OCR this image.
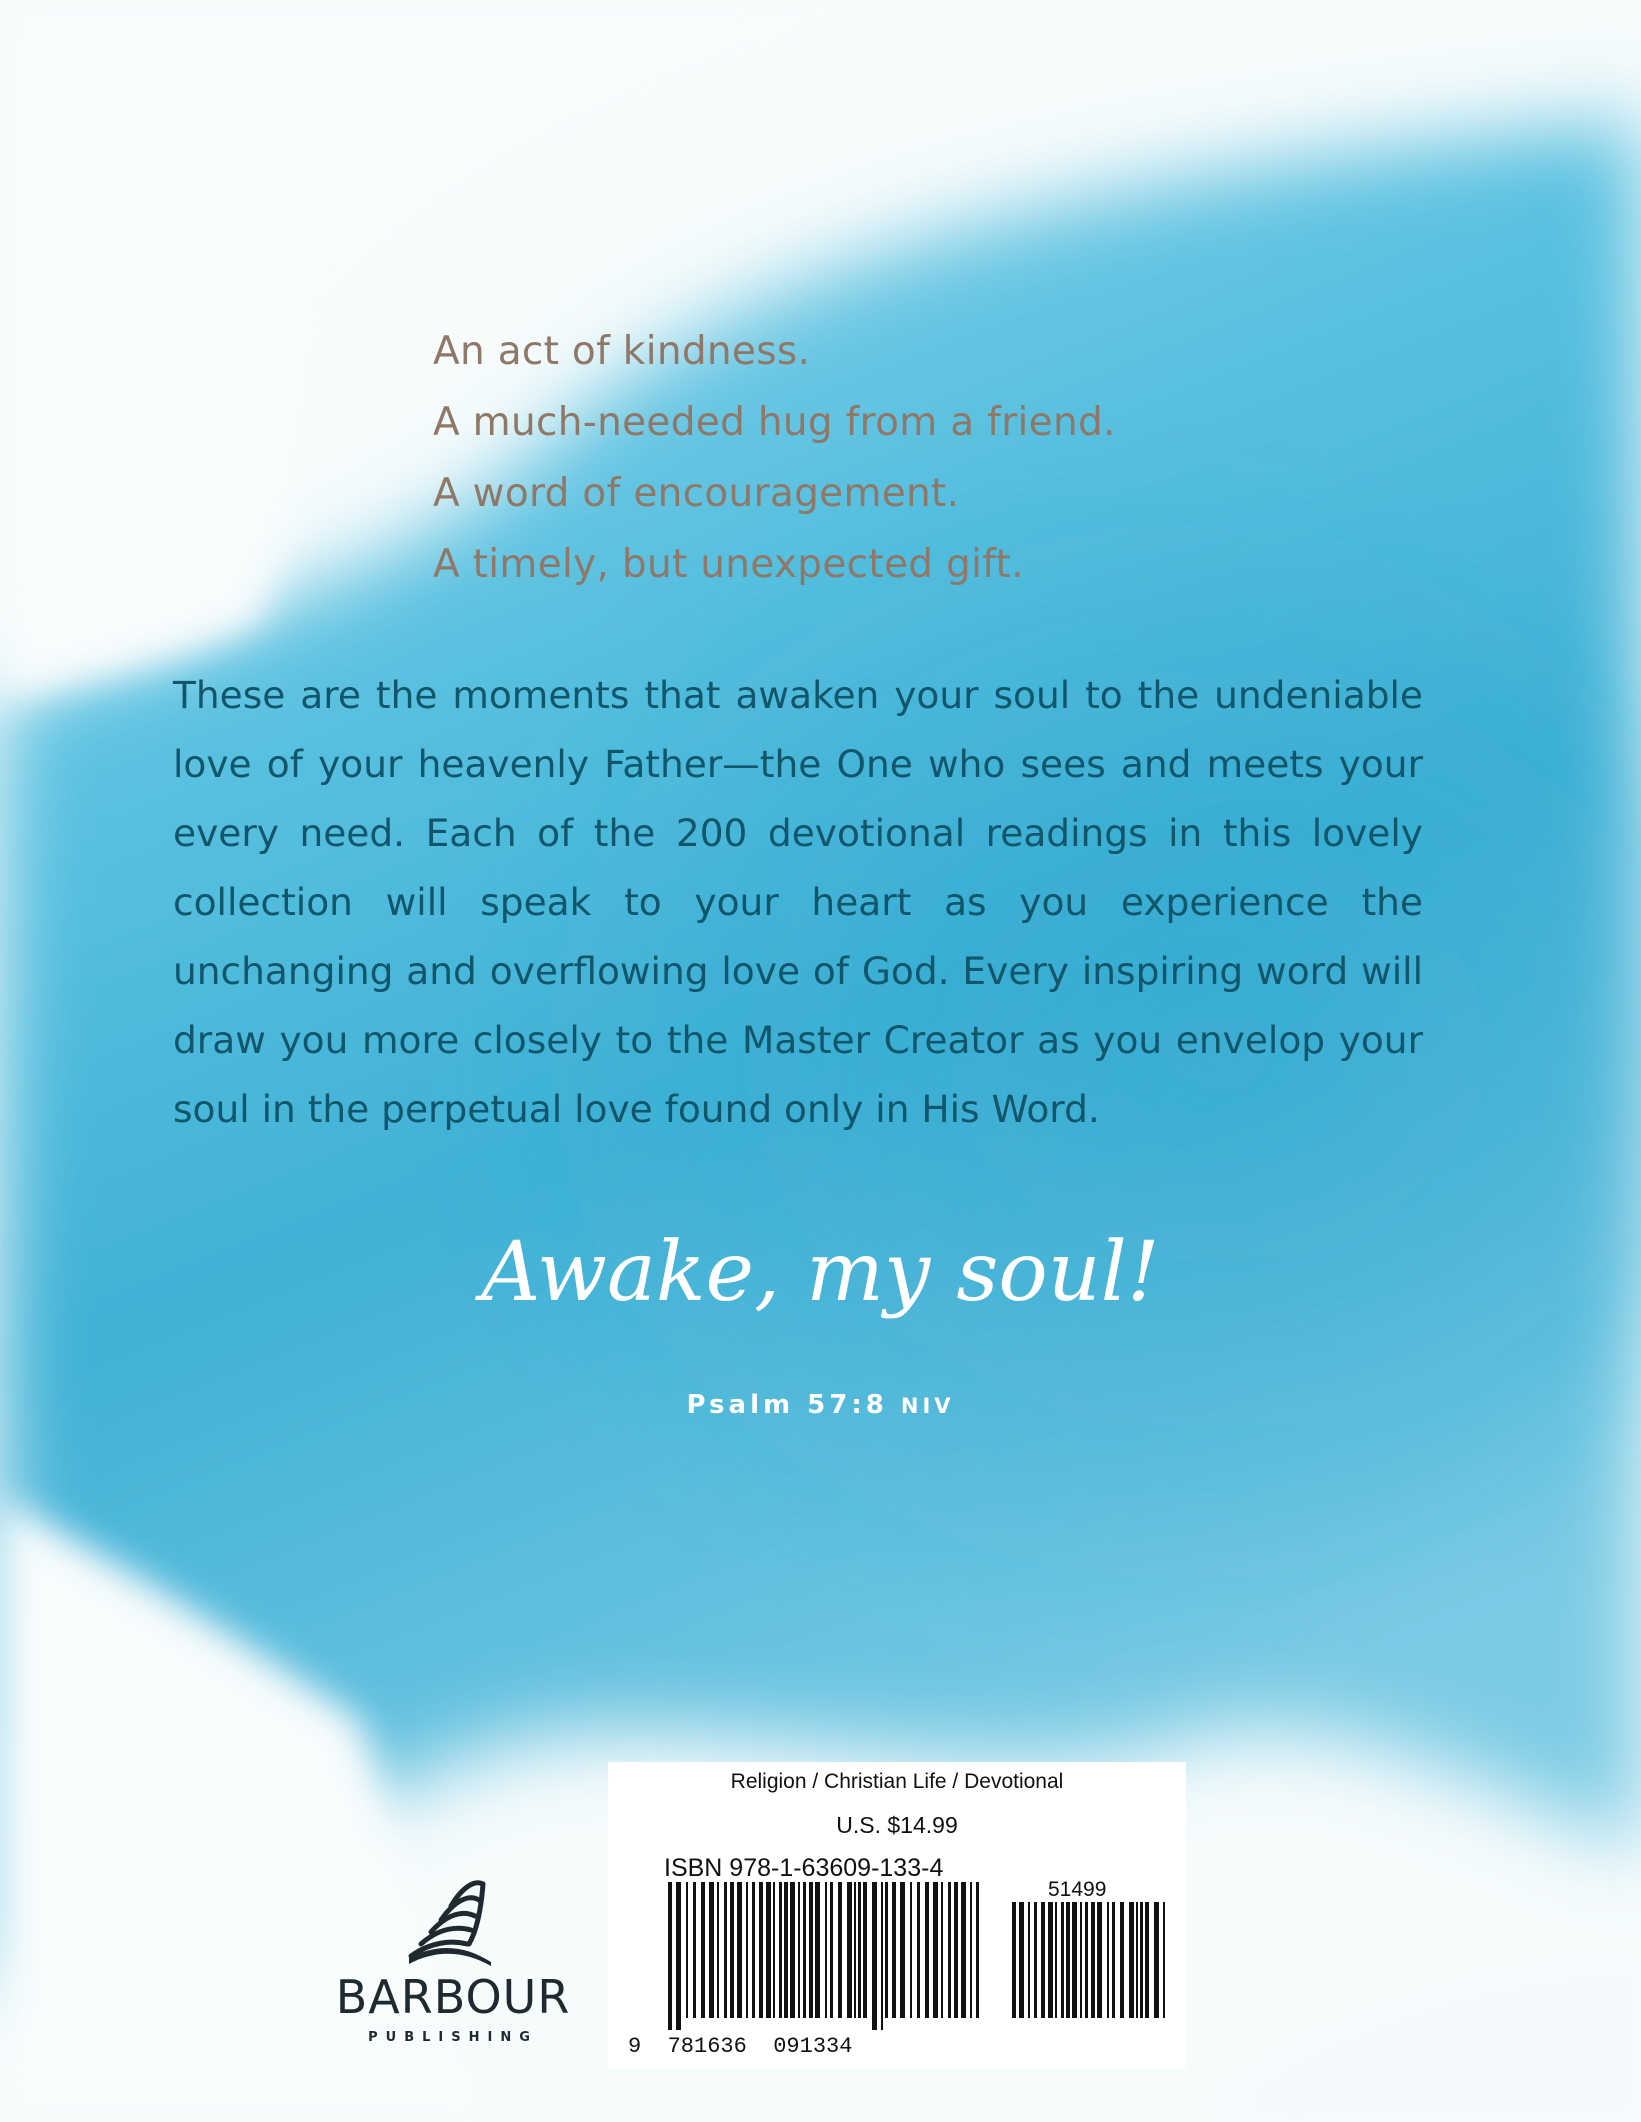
An act of kindness.
A much-needed hug from a friend.
A word of encouragement.
A timely, but unexpected gift.

These are the moments that awaken your soul to the undeniable love of your heavenly Father—the One who sees and meets your every need. Each of the 200 devotional readings in this lovely collection will speak to your heart as you experience the unchanging and overflowing love of God. Every inspiring word will draw you more closely to the Master Creator as you envelop your soul in the perpetual love found only in His Word.

Awake, my soul!
Psalm 57:8 NIV
BARBOUR
PUBLISHING
Religion / Christian Life / Devotional
U.S. $14.99
ISBN 978-1-63609-133-4
51499
9  781636  091334
